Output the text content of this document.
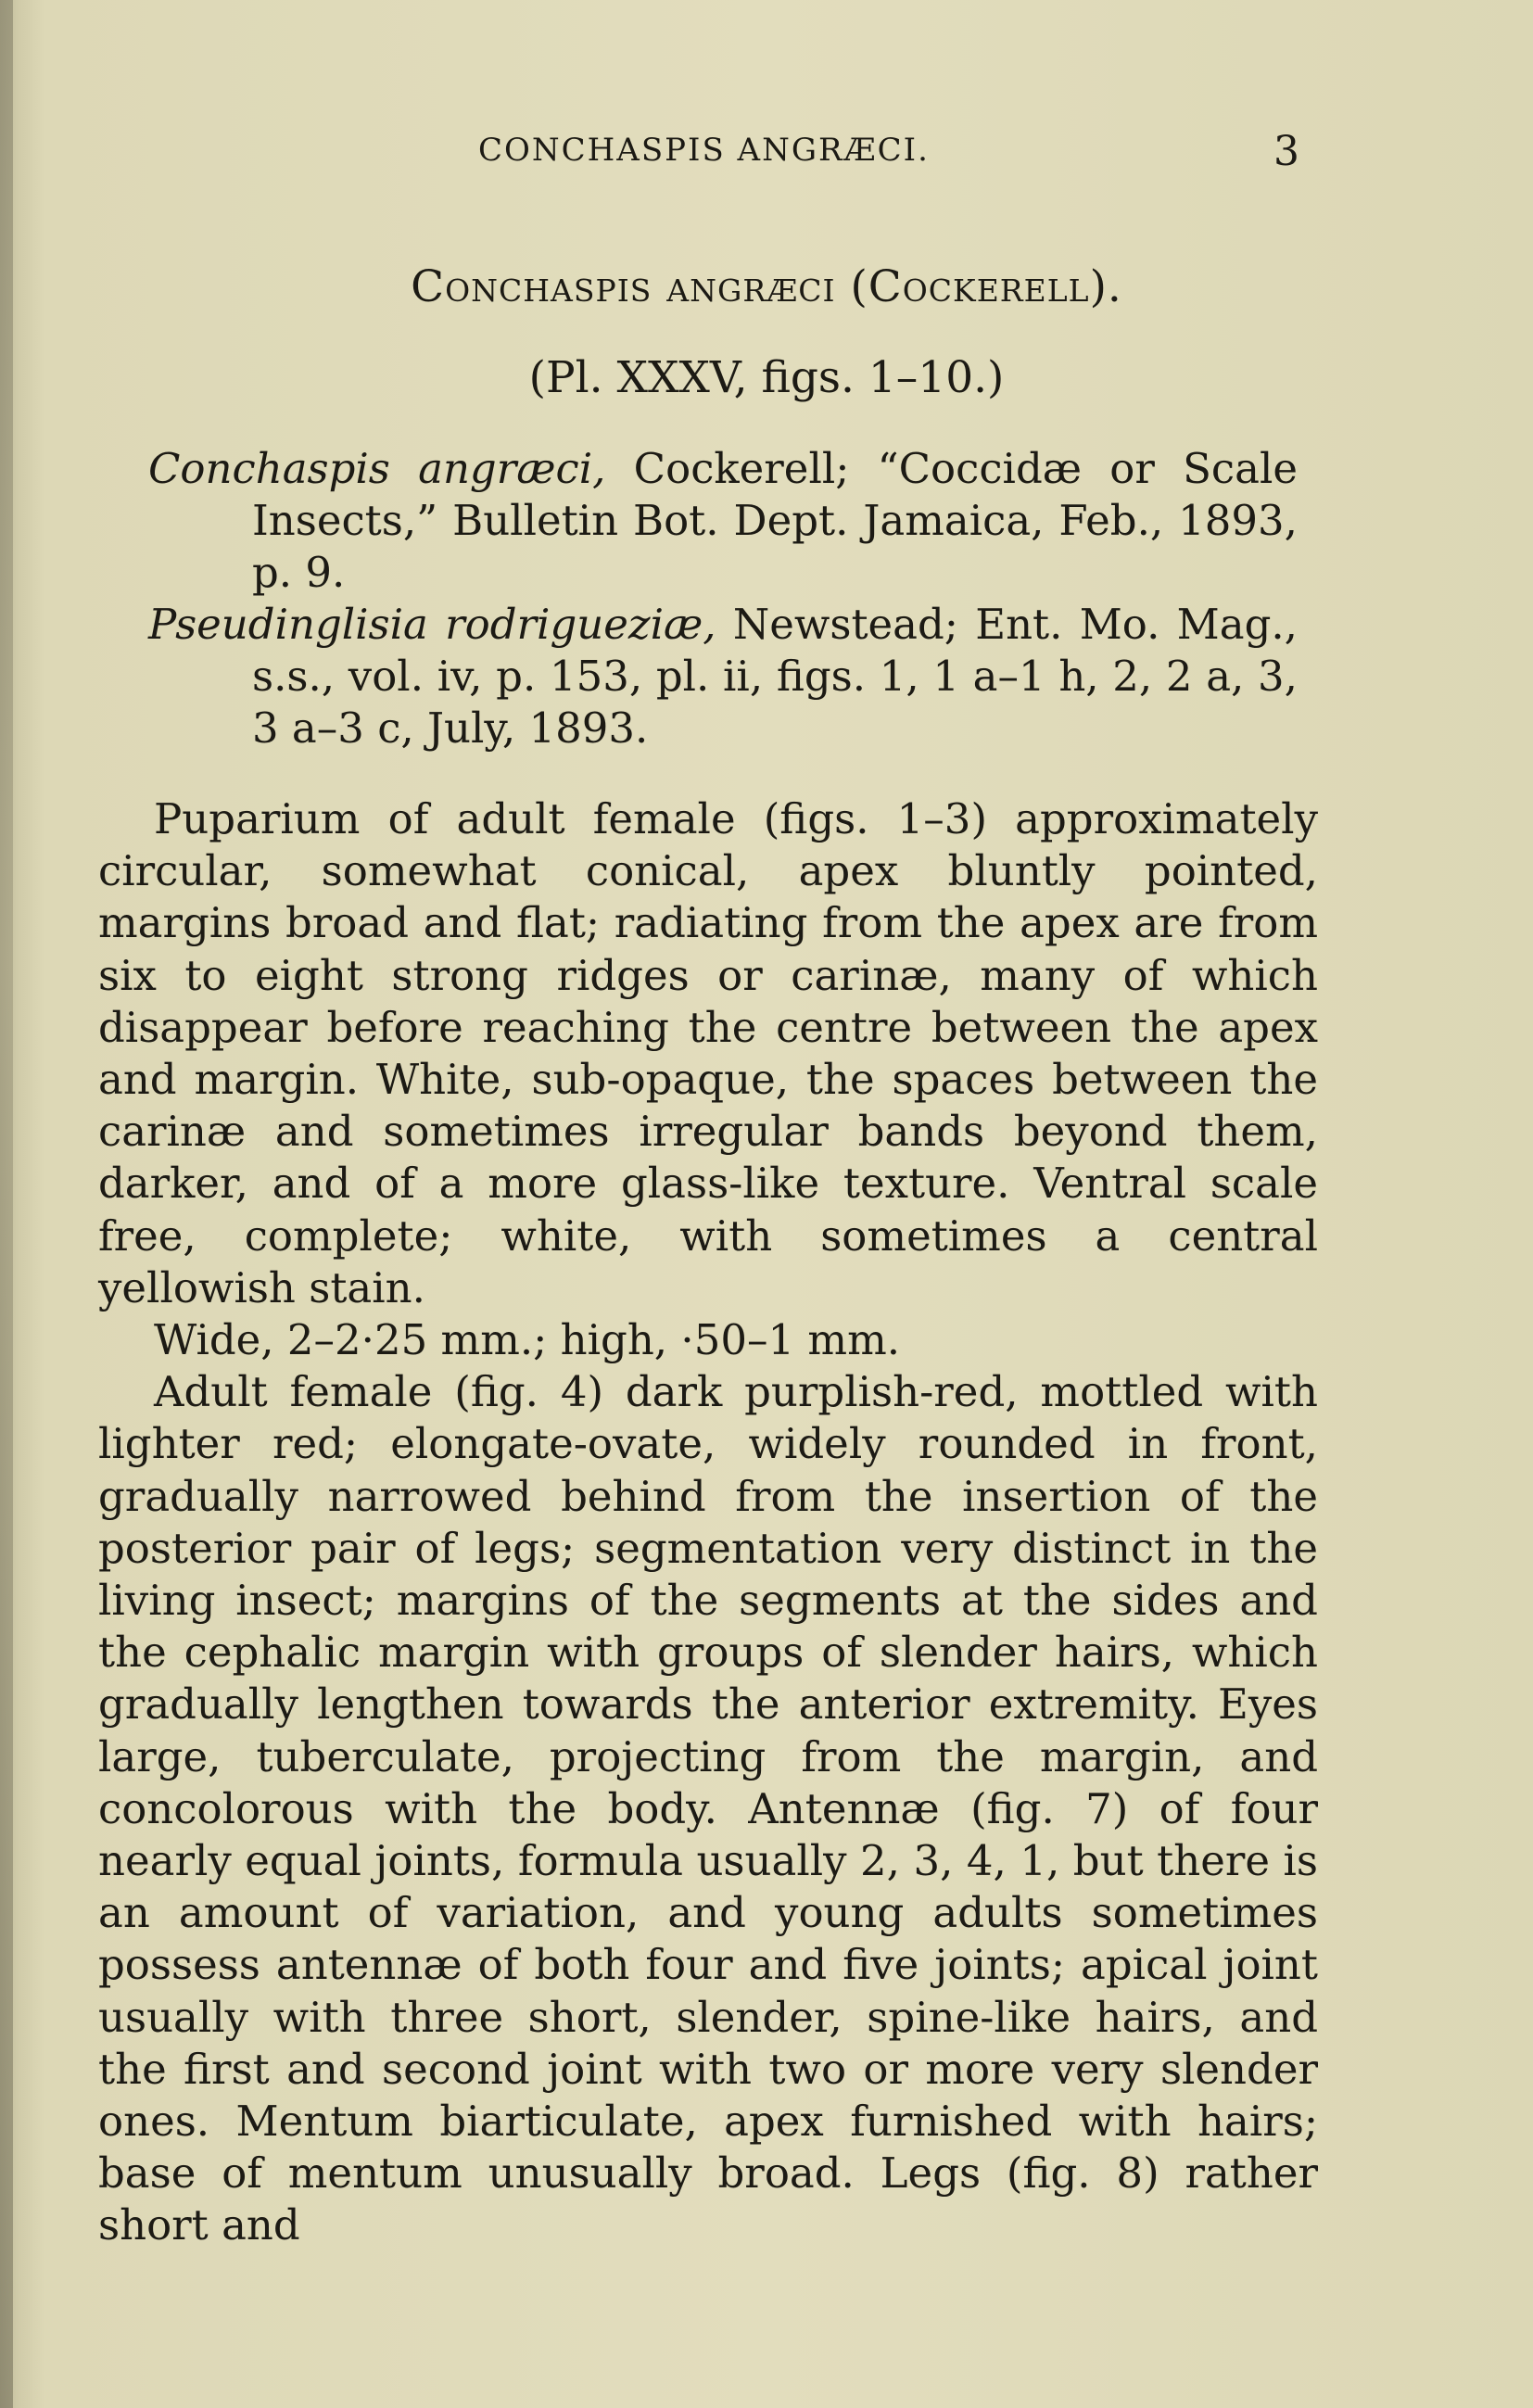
CONCHASPIS ANGRÆCI.	3
Conchaspis angræci (Cockerell).
(Pl. XXXV, figs. 1–10.)

Conchaspis angræci, Cockerell; “Coccidæ or Scale Insects,” Bulletin Bot. Dept. Jamaica, Feb., 1893, p. 9.

Pseudinglisia rodrigueziæ, Newstead; Ent. Mo. Mag., s.s., vol. iv, p. 153, pl. ii, figs. 1, 1 a–1 h, 2, 2 a, 3, 3 a–3 c, July, 1893.

Puparium of adult female (figs. 1–3) approximately circular, somewhat conical, apex bluntly pointed, margins broad and flat; radiating from the apex are from six to eight strong ridges or carinæ, many of which disappear before reaching the centre between the apex and margin. White, sub-opaque, the spaces between the carinæ and sometimes irregular bands beyond them, darker, and of a more glass-like texture. Ventral scale free, complete; white, with sometimes a central yellowish stain.

Wide, 2–2·25 mm.; high, ·50–1 mm.

Adult female (fig. 4) dark purplish-red, mottled with lighter red; elongate-ovate, widely rounded in front, gradually narrowed behind from the insertion of the posterior pair of legs; segmentation very distinct in the living insect; margins of the segments at the sides and the cephalic margin with groups of slender hairs, which gradually lengthen towards the anterior extremity. Eyes large, tuberculate, projecting from the margin, and concolorous with the body. Antennæ (fig. 7) of four nearly equal joints, formula usually 2, 3, 4, 1, but there is an amount of variation, and young adults sometimes possess antennæ of both four and five joints; apical joint usually with three short, slender, spine-like hairs, and the first and second joint with two or more very slender ones. Mentum biarticulate, apex furnished with hairs; base of mentum unusually broad. Legs (fig. 8) rather short and
